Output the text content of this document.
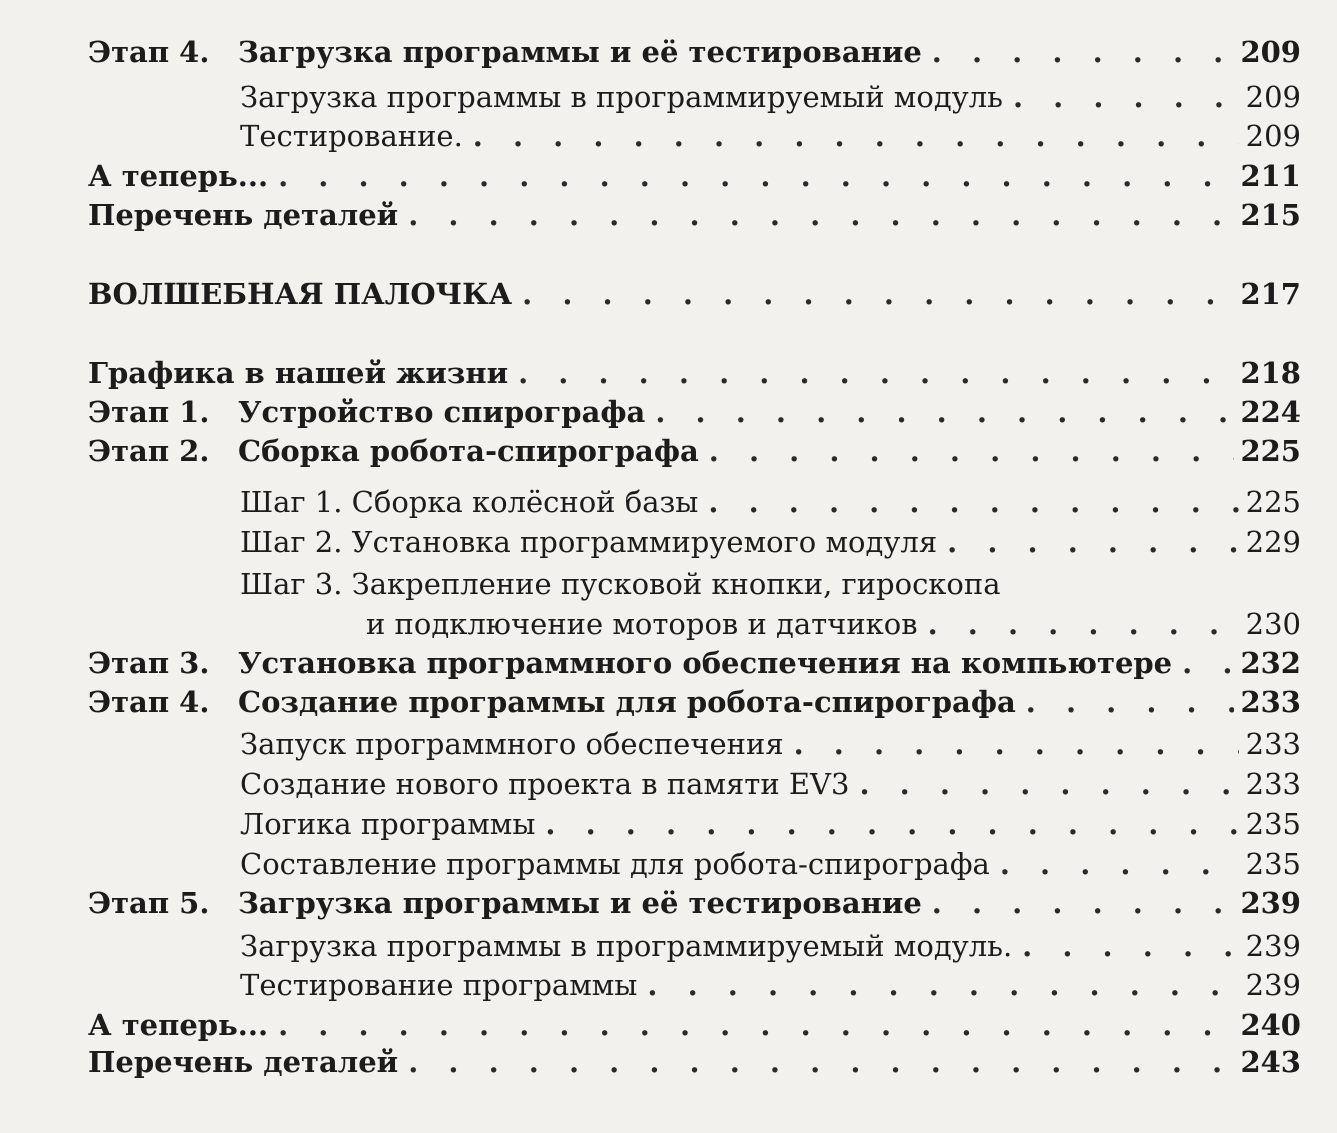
Этап 4. Загрузка программы и её тестирование . . .	209
Загрузка программы в программируемый модуль . . .	209
Тестирование. . . .	209
А теперь... . . .	211
Перечень деталей . . .	215
ВОЛШЕБНАЯ ПАЛОЧКА . . .	217
Графика в нашей жизни . . .	218
Этап 1. Устройство спирографа . . .	224
Этап 2. Сборка робота-спирографа . . .	225
Шаг 1. Сборка колёсной базы . . .	225
Шаг 2. Установка программируемого модуля . . .	229
Шаг 3. Закрепление пусковой кнопки, гироскопа
и подключение моторов и датчиков . . .	230
Этап 3. Установка программного обеспечения на компьютере . . . 232
Этап 4. Создание программы для робота-спирографа . . .	233
Запуск программного обеспечения . . .	233
Создание нового проекта в памяти EV3 . . .	233
Логика программы . . .	235
Составление программы для робота-спирографа . . .	235
Этап 5. Загрузка программы и её тестирование . . .	239
Загрузка программы в программируемый модуль. . . .	239
Тестирование программы . . .	239
А теперь... . . .	240
Перечень деталей . . .	243
